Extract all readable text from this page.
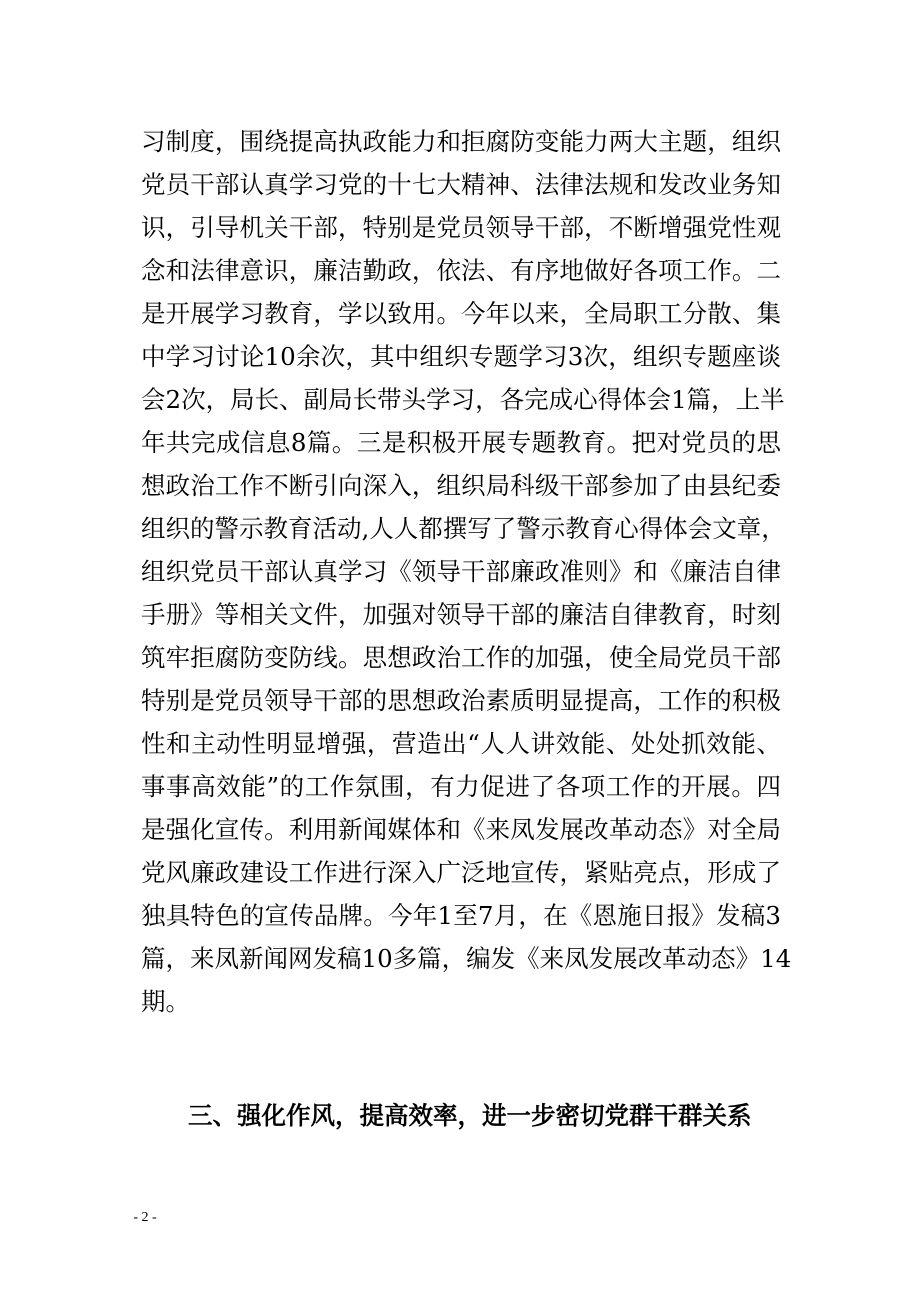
习制度，围绕提高执政能力和拒腐防变能力两大主题，组织
党员干部认真学习党的十七大精神、法律法规和发改业务知
识，引导机关干部，特别是党员领导干部，不断增强党性观
念和法律意识，廉洁勤政，依法、有序地做好各项工作。二
是开展学习教育，学以致用。今年以来，全局职工分散、集
中学习讨论10余次，其中组织专题学习3次，组织专题座谈
会2次，局长、副局长带头学习，各完成心得体会1篇，上半
年共完成信息8篇。三是积极开展专题教育。把对党员的思
想政治工作不断引向深入，组织局科级干部参加了由县纪委
组织的警示教育活动,人人都撰写了警示教育心得体会文章，
组织党员干部认真学习《领导干部廉政准则》和《廉洁自律
手册》等相关文件，加强对领导干部的廉洁自律教育，时刻
筑牢拒腐防变防线。思想政治工作的加强，使全局党员干部
特别是党员领导干部的思想政治素质明显提高，工作的积极
性和主动性明显增强，营造出“人人讲效能、处处抓效能、
事事高效能”的工作氛围，有力促进了各项工作的开展。四
是强化宣传。利用新闻媒体和《来凤发展改革动态》对全局
党风廉政建设工作进行深入广泛地宣传，紧贴亮点，形成了
独具特色的宣传品牌。今年1至7月，在《恩施日报》发稿3
篇，来凤新闻网发稿10多篇，编发《来凤发展改革动态》14
期。
三、强化作风，提高效率，进一步密切党群干群关系
- 2 -
